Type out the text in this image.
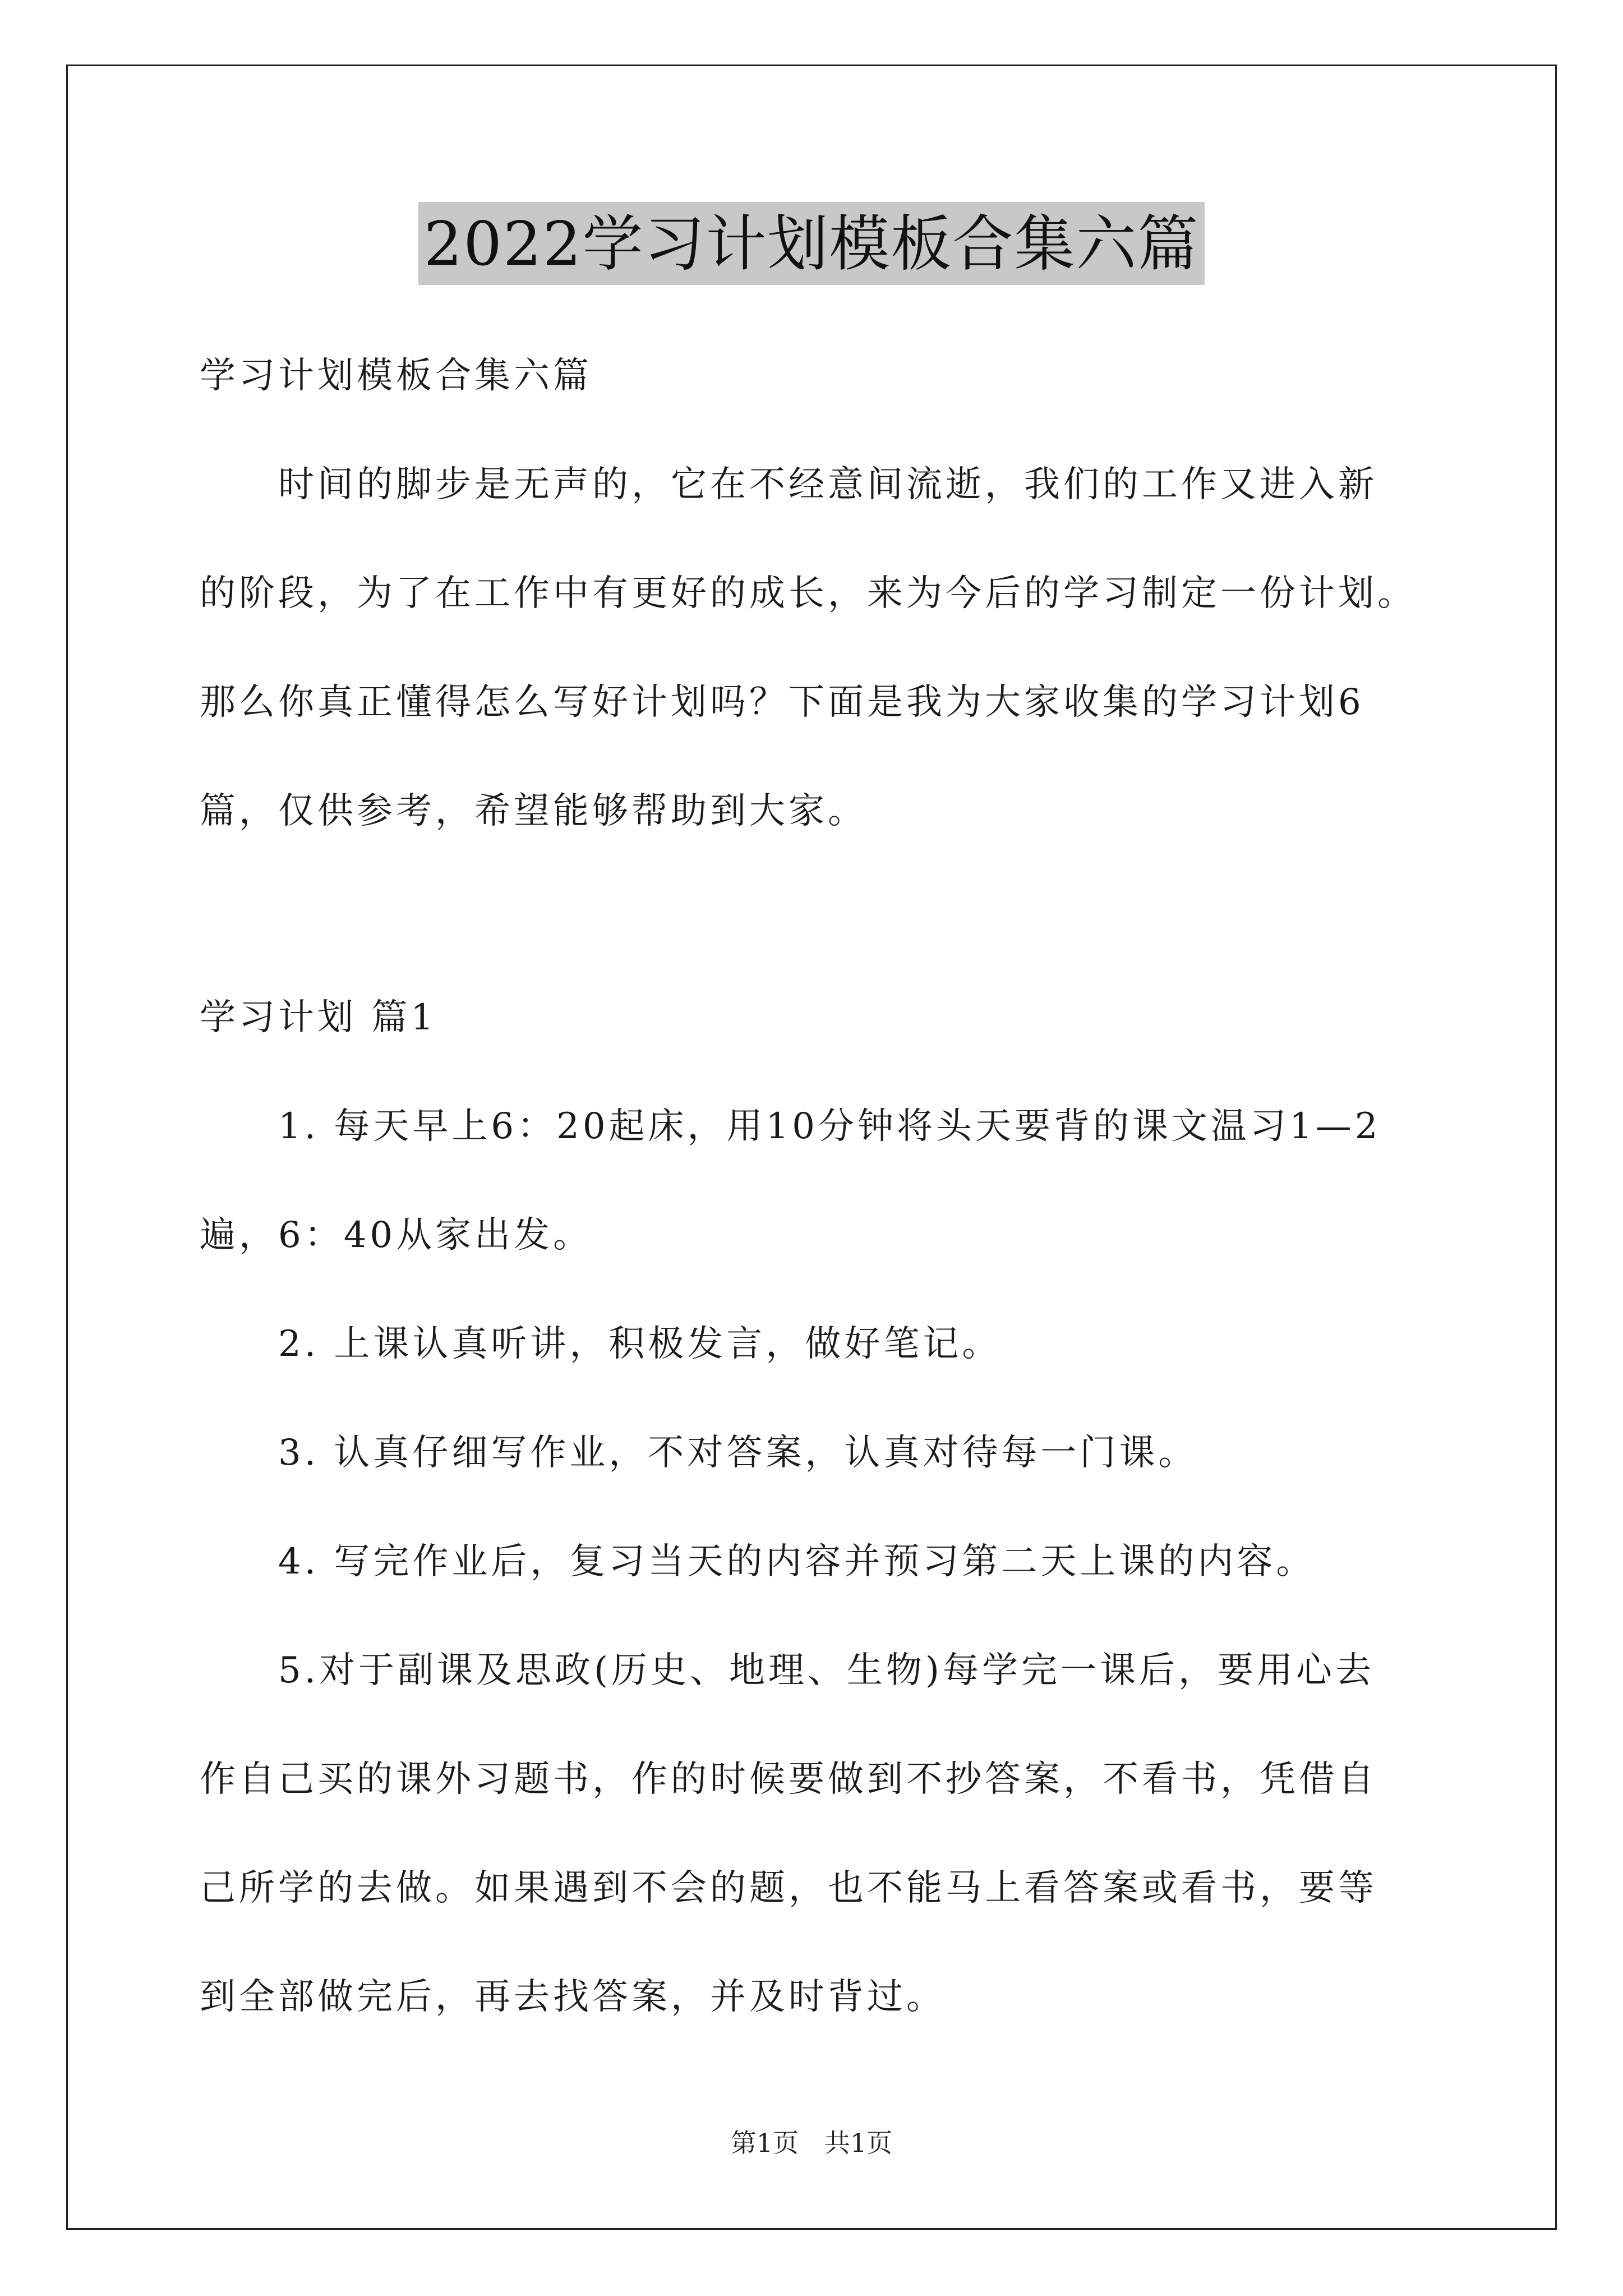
2022学习计划模板合集六篇
学习计划模板合集六篇
时间的脚步是无声的，它在不经意间流逝，我们的工作又进入新
的阶段，为了在工作中有更好的成长，来为今后的学习制定一份计划。
那么你真正懂得怎么写好计划吗？下面是我为大家收集的学习计划6
篇，仅供参考，希望能够帮助到大家。
学习计划 篇1
1. 每天早上6：20起床，用10分钟将头天要背的课文温习1—2
遍，6：40从家出发。
2. 上课认真听讲，积极发言，做好笔记。
3. 认真仔细写作业，不对答案，认真对待每一门课。
4. 写完作业后，复习当天的内容并预习第二天上课的内容。
5.对于副课及思政(历史、地理、生物)每学完一课后，要用心去
作自己买的课外习题书，作的时候要做到不抄答案，不看书，凭借自
己所学的去做。如果遇到不会的题，也不能马上看答案或看书，要等
到全部做完后，再去找答案，并及时背过。
第1页　共1页
